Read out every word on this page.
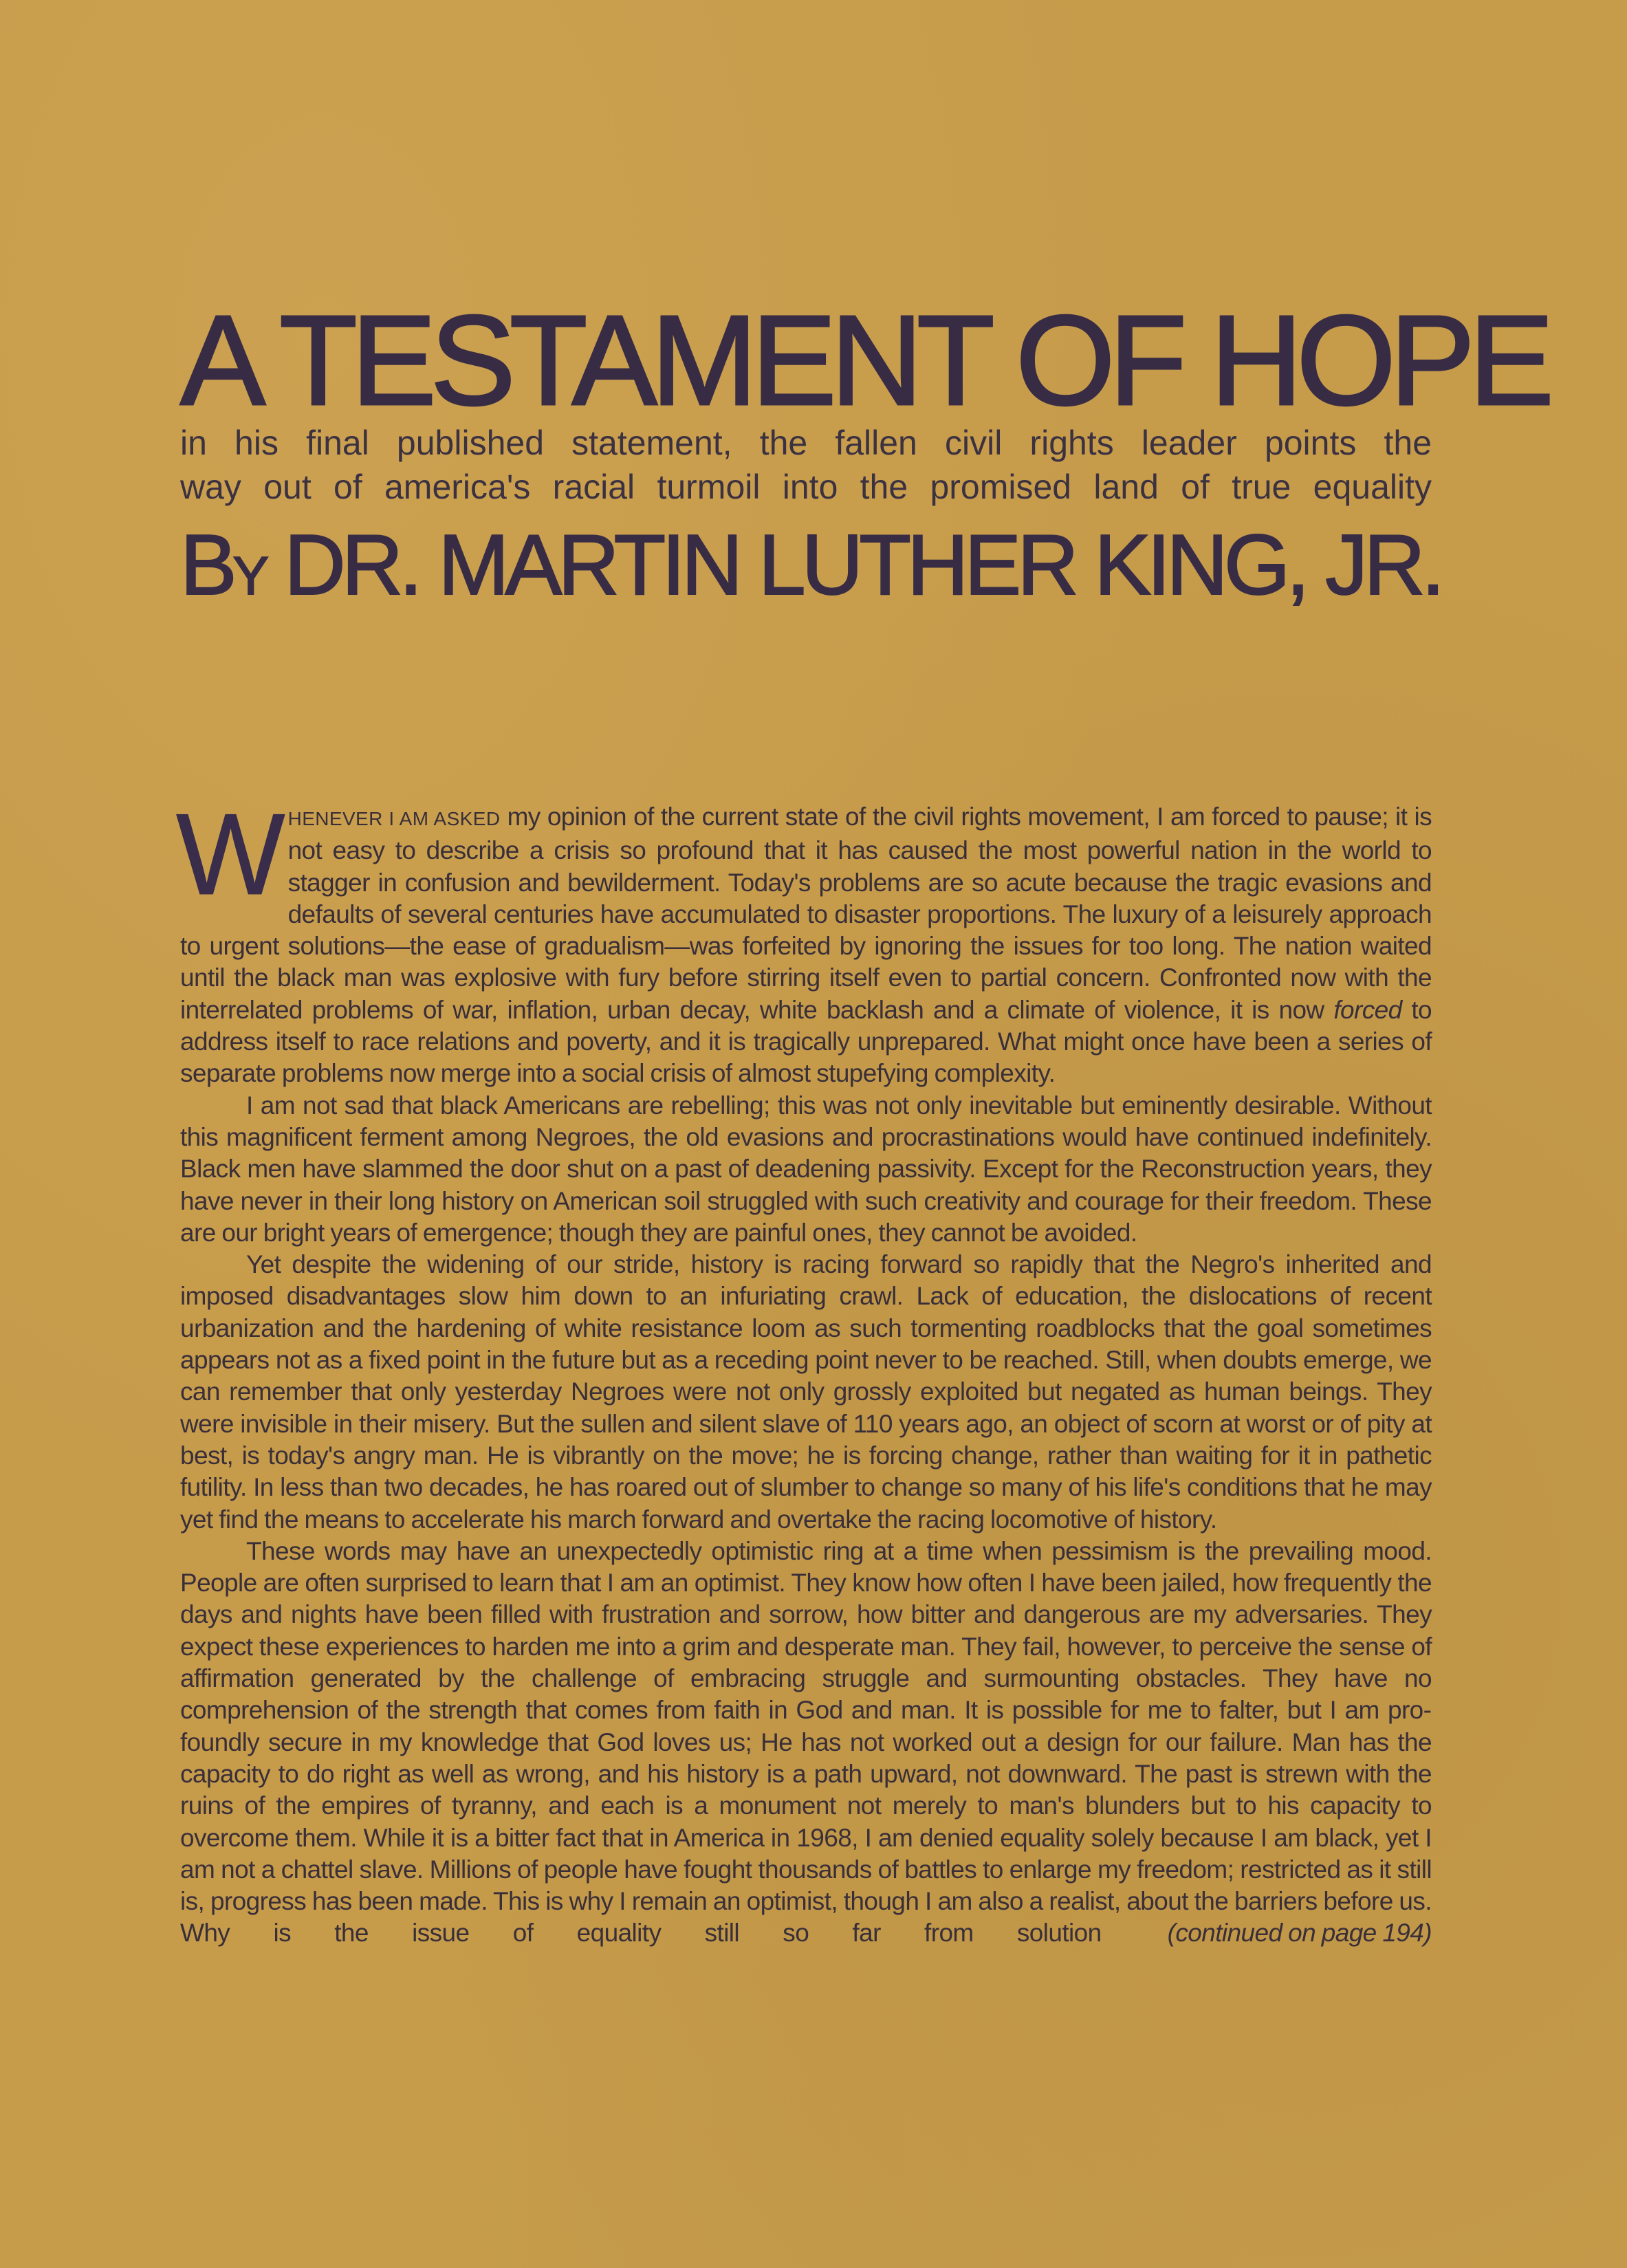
A TESTAMENT OF HOPE
in his final published statement, the fallen civil rights leader points the
way out of america's racial turmoil into the promised land of true equality
BY DR. MARTIN LUTHER KING, JR.

WHENEVER I AM ASKED my opinion of the current state of the civil rights movement, I am forced to pause; it is not easy to describe a crisis so profound that it has caused the most powerful nation in the world to stagger in confusion and bewilderment. Today's problems are so acute because the tragic evasions and defaults of several centuries have accumulated to disaster proportions. The luxury of a leisurely approach to urgent solutions—the ease of gradualism—was forfeited by ignoring the issues for too long. The nation waited until the black man was explosive with fury before stirring itself even to partial concern. Confronted now with the interrelated problems of war, inflation, urban decay, white backlash and a climate of violence, it is now forced to address itself to race relations and poverty, and it is tragically unprepared. What might once have been a series of separate problems now merge into a social crisis of almost stupefying complexity.

I am not sad that black Americans are rebelling; this was not only inevitable but eminently desirable. Without this magnificent ferment among Negroes, the old evasions and procrastinations would have continued indefinitely. Black men have slammed the door shut on a past of deadening passivity. Except for the Reconstruction years, they have never in their long history on American soil struggled with such creativity and courage for their freedom. These are our bright years of emergence; though they are painful ones, they cannot be avoided.

Yet despite the widening of our stride, history is racing forward so rapidly that the Negro's inherited and imposed disadvantages slow him down to an infuriating crawl. Lack of education, the dislocations of recent urbanization and the hardening of white resistance loom as such tormenting roadblocks that the goal sometimes appears not as a fixed point in the future but as a receding point never to be reached. Still, when doubts emerge, we can remember that only yesterday Negroes were not only grossly exploited but negated as human beings. They were invisible in their misery. But the sullen and silent slave of 110 years ago, an object of scorn at worst or of pity at best, is today's angry man. He is vibrantly on the move; he is forcing change, rather than waiting for it in pathetic futility. In less than two decades, he has roared out of slumber to change so many of his life's conditions that he may yet find the means to accelerate his march forward and overtake the racing locomotive of history.

These words may have an unexpectedly optimistic ring at a time when pessimism is the prevailing mood. People are often surprised to learn that I am an optimist. They know how often I have been jailed, how frequently the days and nights have been filled with frustration and sorrow, how bitter and dangerous are my adversaries. They expect these experiences to harden me into a grim and desperate man. They fail, however, to perceive the sense of affirmation generated by the challenge of embracing struggle and surmounting obstacles. They have no comprehension of the strength that comes from faith in God and man. It is possible for me to falter, but I am profoundly secure in my knowledge that God loves us; He has not worked out a design for our failure. Man has the capacity to do right as well as wrong, and his history is a path upward, not downward. The past is strewn with the ruins of the empires of tyranny, and each is a monument not merely to man's blunders but to his capacity to overcome them. While it is a bitter fact that in America in 1968, I am denied equality solely because I am black, yet I am not a chattel slave. Millions of people have fought thousands of battles to enlarge my freedom; restricted as it still is, progress has been made. This is why I remain an optimist, though I am also a realist, about the barriers before us. Why is the issue of equality still so far from solution	(continued on page 194)
